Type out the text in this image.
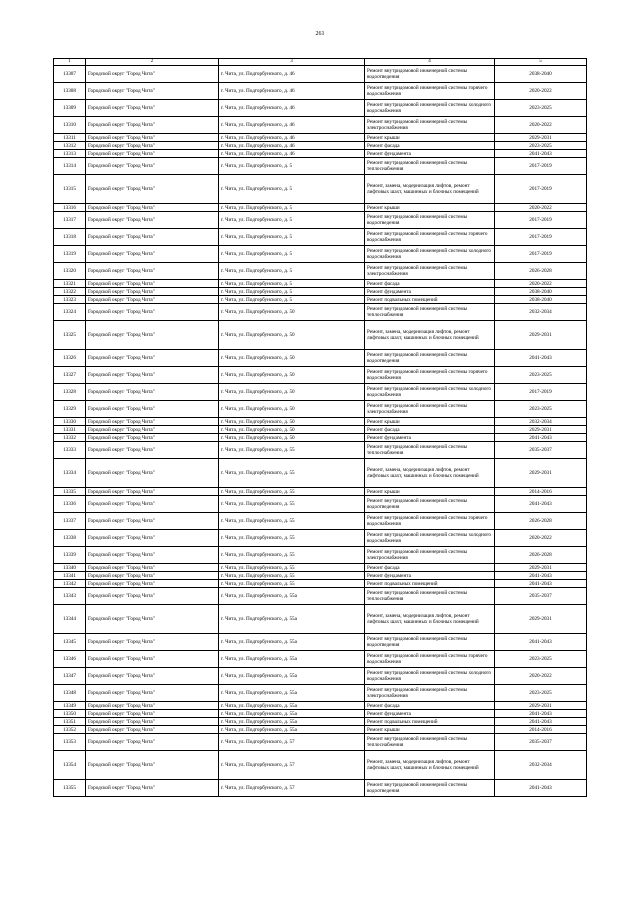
261
1	2	3	4	5
13307	Городской округ "Город Чита"	г. Чита, ул. Подгорбунского, д. 46	Ремонт внутридомовой инженерной системы водоотведения	2038-2040
13308	Городской округ "Город Чита"	г. Чита, ул. Подгорбунского, д. 46	Ремонт внутридомовой инженерной системы горячего водоснабжения	2020-2022
13309	Городской округ "Город Чита"	г. Чита, ул. Подгорбунского, д. 46	Ремонт внутридомовой инженерной системы холодного водоснабжения	2023-2025
13310	Городской округ "Город Чита"	г. Чита, ул. Подгорбунского, д. 46	Ремонт внутридомовой инженерной системы электроснабжения	2020-2022
13311	Городской округ "Город Чита"	г. Чита, ул. Подгорбунского, д. 46	Ремонт крыши	2029-2031
13312	Городской округ "Город Чита"	г. Чита, ул. Подгорбунского, д. 46	Ремонт фасада	2023-2025
13313	Городской округ "Город Чита"	г. Чита, ул. Подгорбунского, д. 46	Ремонт фундамента	2041-2043
13314	Городской округ "Город Чита"	г. Чита, ул. Подгорбунского, д. 5	Ремонт внутридомовой инженерной системы теплоснабжения	2017-2019
13315	Городской округ "Город Чита"	г. Чита, ул. Подгорбунского, д. 5	Ремонт, замена, модернизация лифтов, ремонт лифтовых шахт, машинных и блочных помещений	2017-2019
13316	Городской округ "Город Чита"	г. Чита, ул. Подгорбунского, д. 5	Ремонт крыши	2020-2022
13317	Городской округ "Город Чита"	г. Чита, ул. Подгорбунского, д. 5	Ремонт внутридомовой инженерной системы водоотведения	2017-2019
13318	Городской округ "Город Чита"	г. Чита, ул. Подгорбунского, д. 5	Ремонт внутридомовой инженерной системы горячего водоснабжения	2017-2019
13319	Городской округ "Город Чита"	г. Чита, ул. Подгорбунского, д. 5	Ремонт внутридомовой инженерной системы холодного водоснабжения	2017-2019
13320	Городской округ "Город Чита"	г. Чита, ул. Подгорбунского, д. 5	Ремонт внутридомовой инженерной системы электроснабжения	2026-2028
13321	Городской округ "Город Чита"	г. Чита, ул. Подгорбунского, д. 5	Ремонт фасада	2020-2022
13322	Городской округ "Город Чита"	г. Чита, ул. Подгорбунского, д. 5	Ремонт фундамента	2038-2040
13323	Городской округ "Город Чита"	г. Чита, ул. Подгорбунского, д. 5	Ремонт подвальных помещений	2038-2040
13324	Городской округ "Город Чита"	г. Чита, ул. Подгорбунского, д. 50	Ремонт внутридомовой инженерной системы теплоснабжения	2032-2034
13325	Городской округ "Город Чита"	г. Чита, ул. Подгорбунского, д. 50	Ремонт, замена, модернизация лифтов, ремонт лифтовых шахт, машинных и блочных помещений	2029-2031
13326	Городской округ "Город Чита"	г. Чита, ул. Подгорбунского, д. 50	Ремонт внутридомовой инженерной системы водоотведения	2041-2043
13327	Городской округ "Город Чита"	г. Чита, ул. Подгорбунского, д. 50	Ремонт внутридомовой инженерной системы горячего водоснабжения	2023-2025
13328	Городской округ "Город Чита"	г. Чита, ул. Подгорбунского, д. 50	Ремонт внутридомовой инженерной системы холодного водоснабжения	2017-2019
13329	Городской округ "Город Чита"	г. Чита, ул. Подгорбунского, д. 50	Ремонт внутридомовой инженерной системы электроснабжения	2023-2025
13330	Городской округ "Город Чита"	г. Чита, ул. Подгорбунского, д. 50	Ремонт крыши	2032-2034
13331	Городской округ "Город Чита"	г. Чита, ул. Подгорбунского, д. 50	Ремонт фасада	2029-2031
13332	Городской округ "Город Чита"	г. Чита, ул. Подгорбунского, д. 50	Ремонт фундамента	2041-2043
13333	Городской округ "Город Чита"	г. Чита, ул. Подгорбунского, д. 55	Ремонт внутридомовой инженерной системы теплоснабжения	2035-2037
13334	Городской округ "Город Чита"	г. Чита, ул. Подгорбунского, д. 55	Ремонт, замена, модернизация лифтов, ремонт лифтовых шахт, машинных и блочных помещений	2029-2031
13335	Городской округ "Город Чита"	г. Чита, ул. Подгорбунского, д. 55	Ремонт крыши	2014-2016
13336	Городской округ "Город Чита"	г. Чита, ул. Подгорбунского, д. 55	Ремонт внутридомовой инженерной системы водоотведения	2041-2043
13337	Городской округ "Город Чита"	г. Чита, ул. Подгорбунского, д. 55	Ремонт внутридомовой инженерной системы горячего водоснабжения	2026-2028
13338	Городской округ "Город Чита"	г. Чита, ул. Подгорбунского, д. 55	Ремонт внутридомовой инженерной системы холодного водоснабжения	2020-2022
13339	Городской округ "Город Чита"	г. Чита, ул. Подгорбунского, д. 55	Ремонт внутридомовой инженерной системы электроснабжения	2026-2028
13340	Городской округ "Город Чита"	г. Чита, ул. Подгорбунского, д. 55	Ремонт фасада	2029-2031
13341	Городской округ "Город Чита"	г. Чита, ул. Подгорбунского, д. 55	Ремонт фундамента	2041-2043
13342	Городской округ "Город Чита"	г. Чита, ул. Подгорбунского, д. 55	Ремонт подвальных помещений	2041-2043
13343	Городской округ "Город Чита"	г. Чита, ул. Подгорбунского, д. 55а	Ремонт внутридомовой инженерной системы теплоснабжения	2035-2037
13344	Городской округ "Город Чита"	г. Чита, ул. Подгорбунского, д. 55а	Ремонт, замена, модернизация лифтов, ремонт лифтовых шахт, машинных и блочных помещений	2029-2031
13345	Городской округ "Город Чита"	г. Чита, ул. Подгорбунского, д. 55а	Ремонт внутридомовой инженерной системы водоотведения	2041-2043
13346	Городской округ "Город Чита"	г. Чита, ул. Подгорбунского, д. 55а	Ремонт внутридомовой инженерной системы горячего водоснабжения	2023-2025
13347	Городской округ "Город Чита"	г. Чита, ул. Подгорбунского, д. 55а	Ремонт внутридомовой инженерной системы холодного водоснабжения	2020-2022
13348	Городской округ "Город Чита"	г. Чита, ул. Подгорбунского, д. 55а	Ремонт внутридомовой инженерной системы электроснабжения	2023-2025
13349	Городской округ "Город Чита"	г. Чита, ул. Подгорбунского, д. 55а	Ремонт фасада	2029-2031
13350	Городской округ "Город Чита"	г. Чита, ул. Подгорбунского, д. 55а	Ремонт фундамента	2041-2043
13351	Городской округ "Город Чита"	г. Чита, ул. Подгорбунского, д. 55а	Ремонт подвальных помещений	2041-2043
13352	Городской округ "Город Чита"	г. Чита, ул. Подгорбунского, д. 55а	Ремонт крыши	2014-2016
13353	Городской округ "Город Чита"	г. Чита, ул. Подгорбунского, д. 57	Ремонт внутридомовой инженерной системы теплоснабжения	2035-2037
13354	Городской округ "Город Чита"	г. Чита, ул. Подгорбунского, д. 57	Ремонт, замена, модернизация лифтов, ремонт лифтовых шахт, машинных и блочных помещений	2032-2034
13355	Городской округ "Город Чита"	г. Чита, ул. Подгорбунского, д. 57	Ремонт внутридомовой инженерной системы водоотведения	2041-2043
